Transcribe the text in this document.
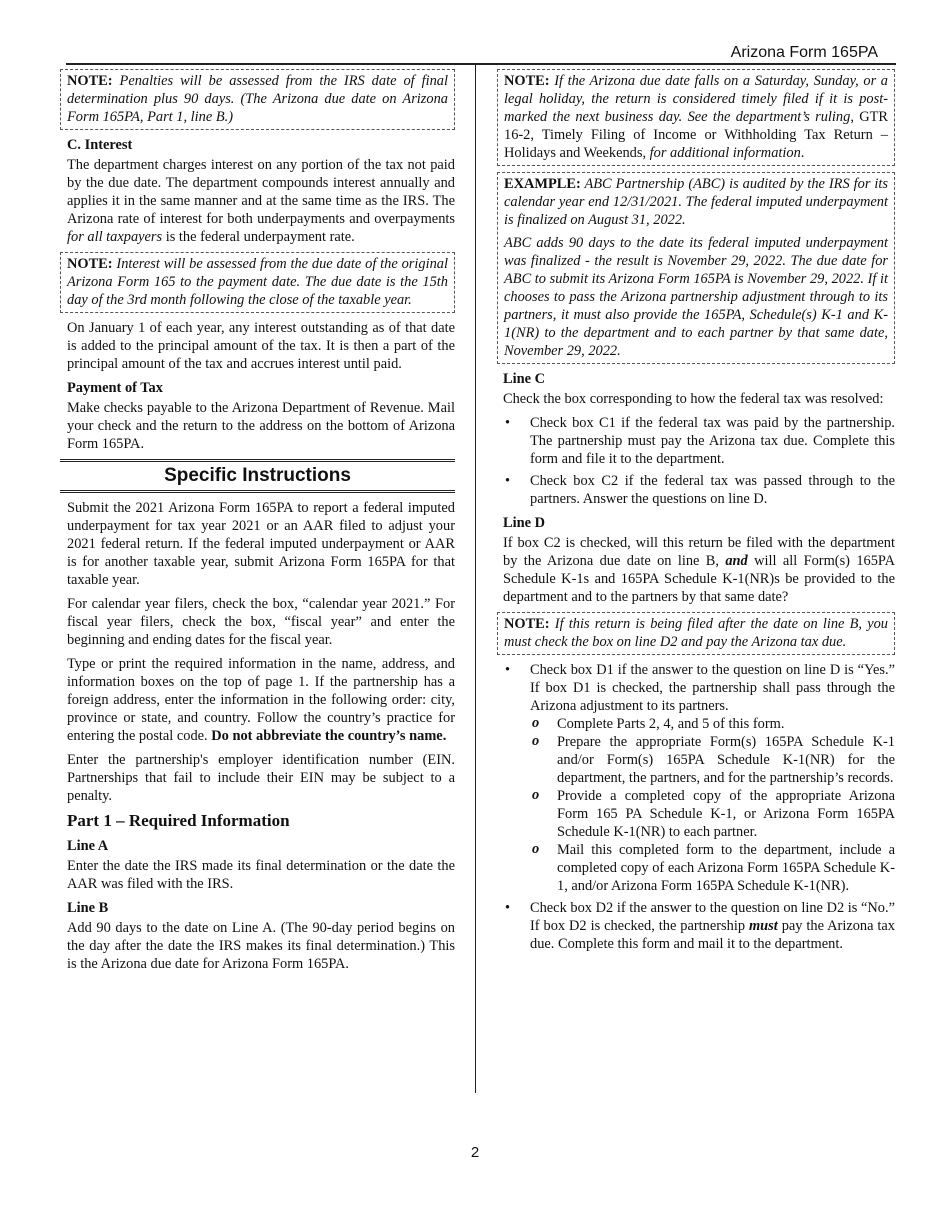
Arizona Form 165PA

NOTE: Penalties will be assessed from the IRS date of final determination plus 90 days. (The Arizona due date on Arizona Form 165PA, Part 1, line B.)

C. Interest

The department charges interest on any portion of the tax not paid by the due date. The department compounds interest annually and applies it in the same manner and at the same time as the IRS. The Arizona rate of interest for both underpayments and overpayments for all taxpayers is the federal underpayment rate.

NOTE: Interest will be assessed from the due date of the original Arizona Form 165 to the payment date. The due date is the 15th day of the 3rd month following the close of the taxable year.

On January 1 of each year, any interest outstanding as of that date is added to the principal amount of the tax. It is then a part of the principal amount of the tax and accrues interest until paid.

Payment of Tax

Make checks payable to the Arizona Department of Revenue. Mail your check and the return to the address on the bottom of Arizona Form 165PA.

Specific Instructions

Submit the 2021 Arizona Form 165PA to report a federal imputed underpayment for tax year 2021 or an AAR filed to adjust your 2021 federal return. If the federal imputed underpayment or AAR is for another taxable year, submit Arizona Form 165PA for that taxable year.

For calendar year filers, check the box, “calendar year 2021.” For fiscal year filers, check the box, “fiscal year” and enter the beginning and ending dates for the fiscal year.

Type or print the required information in the name, address, and information boxes on the top of page 1. If the partnership has a foreign address, enter the information in the following order: city, province or state, and country. Follow the country’s practice for entering the postal code. Do not abbreviate the country’s name.

Enter the partnership's employer identification number (EIN. Partnerships that fail to include their EIN may be subject to a penalty.

Part 1 – Required Information
Line A

Enter the date the IRS made its final determination or the date the AAR was filed with the IRS.

Line B

Add 90 days to the date on Line A. (The 90-day period begins on the day after the date the IRS makes its final determination.) This is the Arizona due date for Arizona Form 165PA.

NOTE: If the Arizona due date falls on a Saturday, Sunday, or a legal holiday, the return is considered timely filed if it is post-marked the next business day. See the department’s ruling, GTR 16-2, Timely Filing of Income or Withholding Tax Return – Holidays and Weekends, for additional information.

EXAMPLE: ABC Partnership (ABC) is audited by the IRS for its calendar year end 12/31/2021. The federal imputed underpayment is finalized on August 31, 2022.

ABC adds 90 days to the date its federal imputed underpayment was finalized - the result is November 29, 2022. The due date for ABC to submit its Arizona Form 165PA is November 29, 2022. If it chooses to pass the Arizona partnership adjustment through to its partners, it must also provide the 165PA, Schedule(s) K-1 and K-1(NR) to the department and to each partner by that same date, November 29, 2022.

Line C

Check the box corresponding to how the federal tax was resolved:

• Check box C1 if the federal tax was paid by the partnership. The partnership must pay the Arizona tax due. Complete this form and file it to the department.
• Check box C2 if the federal tax was passed through to the partners. Answer the questions on line D.
Line D

If box C2 is checked, will this return be filed with the department by the Arizona due date on line B, and will all Form(s) 165PA Schedule K-1s and 165PA Schedule K-1(NR)s be provided to the department and to the partners by that same date?

NOTE: If this return is being filed after the date on line B, you must check the box on line D2 and pay the Arizona tax due.

• Check box D1 if the answer to the question on line D is “Yes.” If box D1 is checked, the partnership shall pass through the Arizona adjustment to its partners.
o Complete Parts 2, 4, and 5 of this form.
o Prepare the appropriate Form(s) 165PA Schedule K-1 and/or Form(s) 165PA Schedule K-1(NR) for the department, the partners, and for the partnership’s records.
o Provide a completed copy of the appropriate Arizona Form 165 PA Schedule K-1, or Arizona Form 165PA Schedule K-1(NR) to each partner.
o Mail this completed form to the department, include a completed copy of each Arizona Form 165PA Schedule K-1, and/or Arizona Form 165PA Schedule K-1(NR).
• Check box D2 if the answer to the question on line D2 is “No.” If box D2 is checked, the partnership must pay the Arizona tax due. Complete this form and mail it to the department.
2
